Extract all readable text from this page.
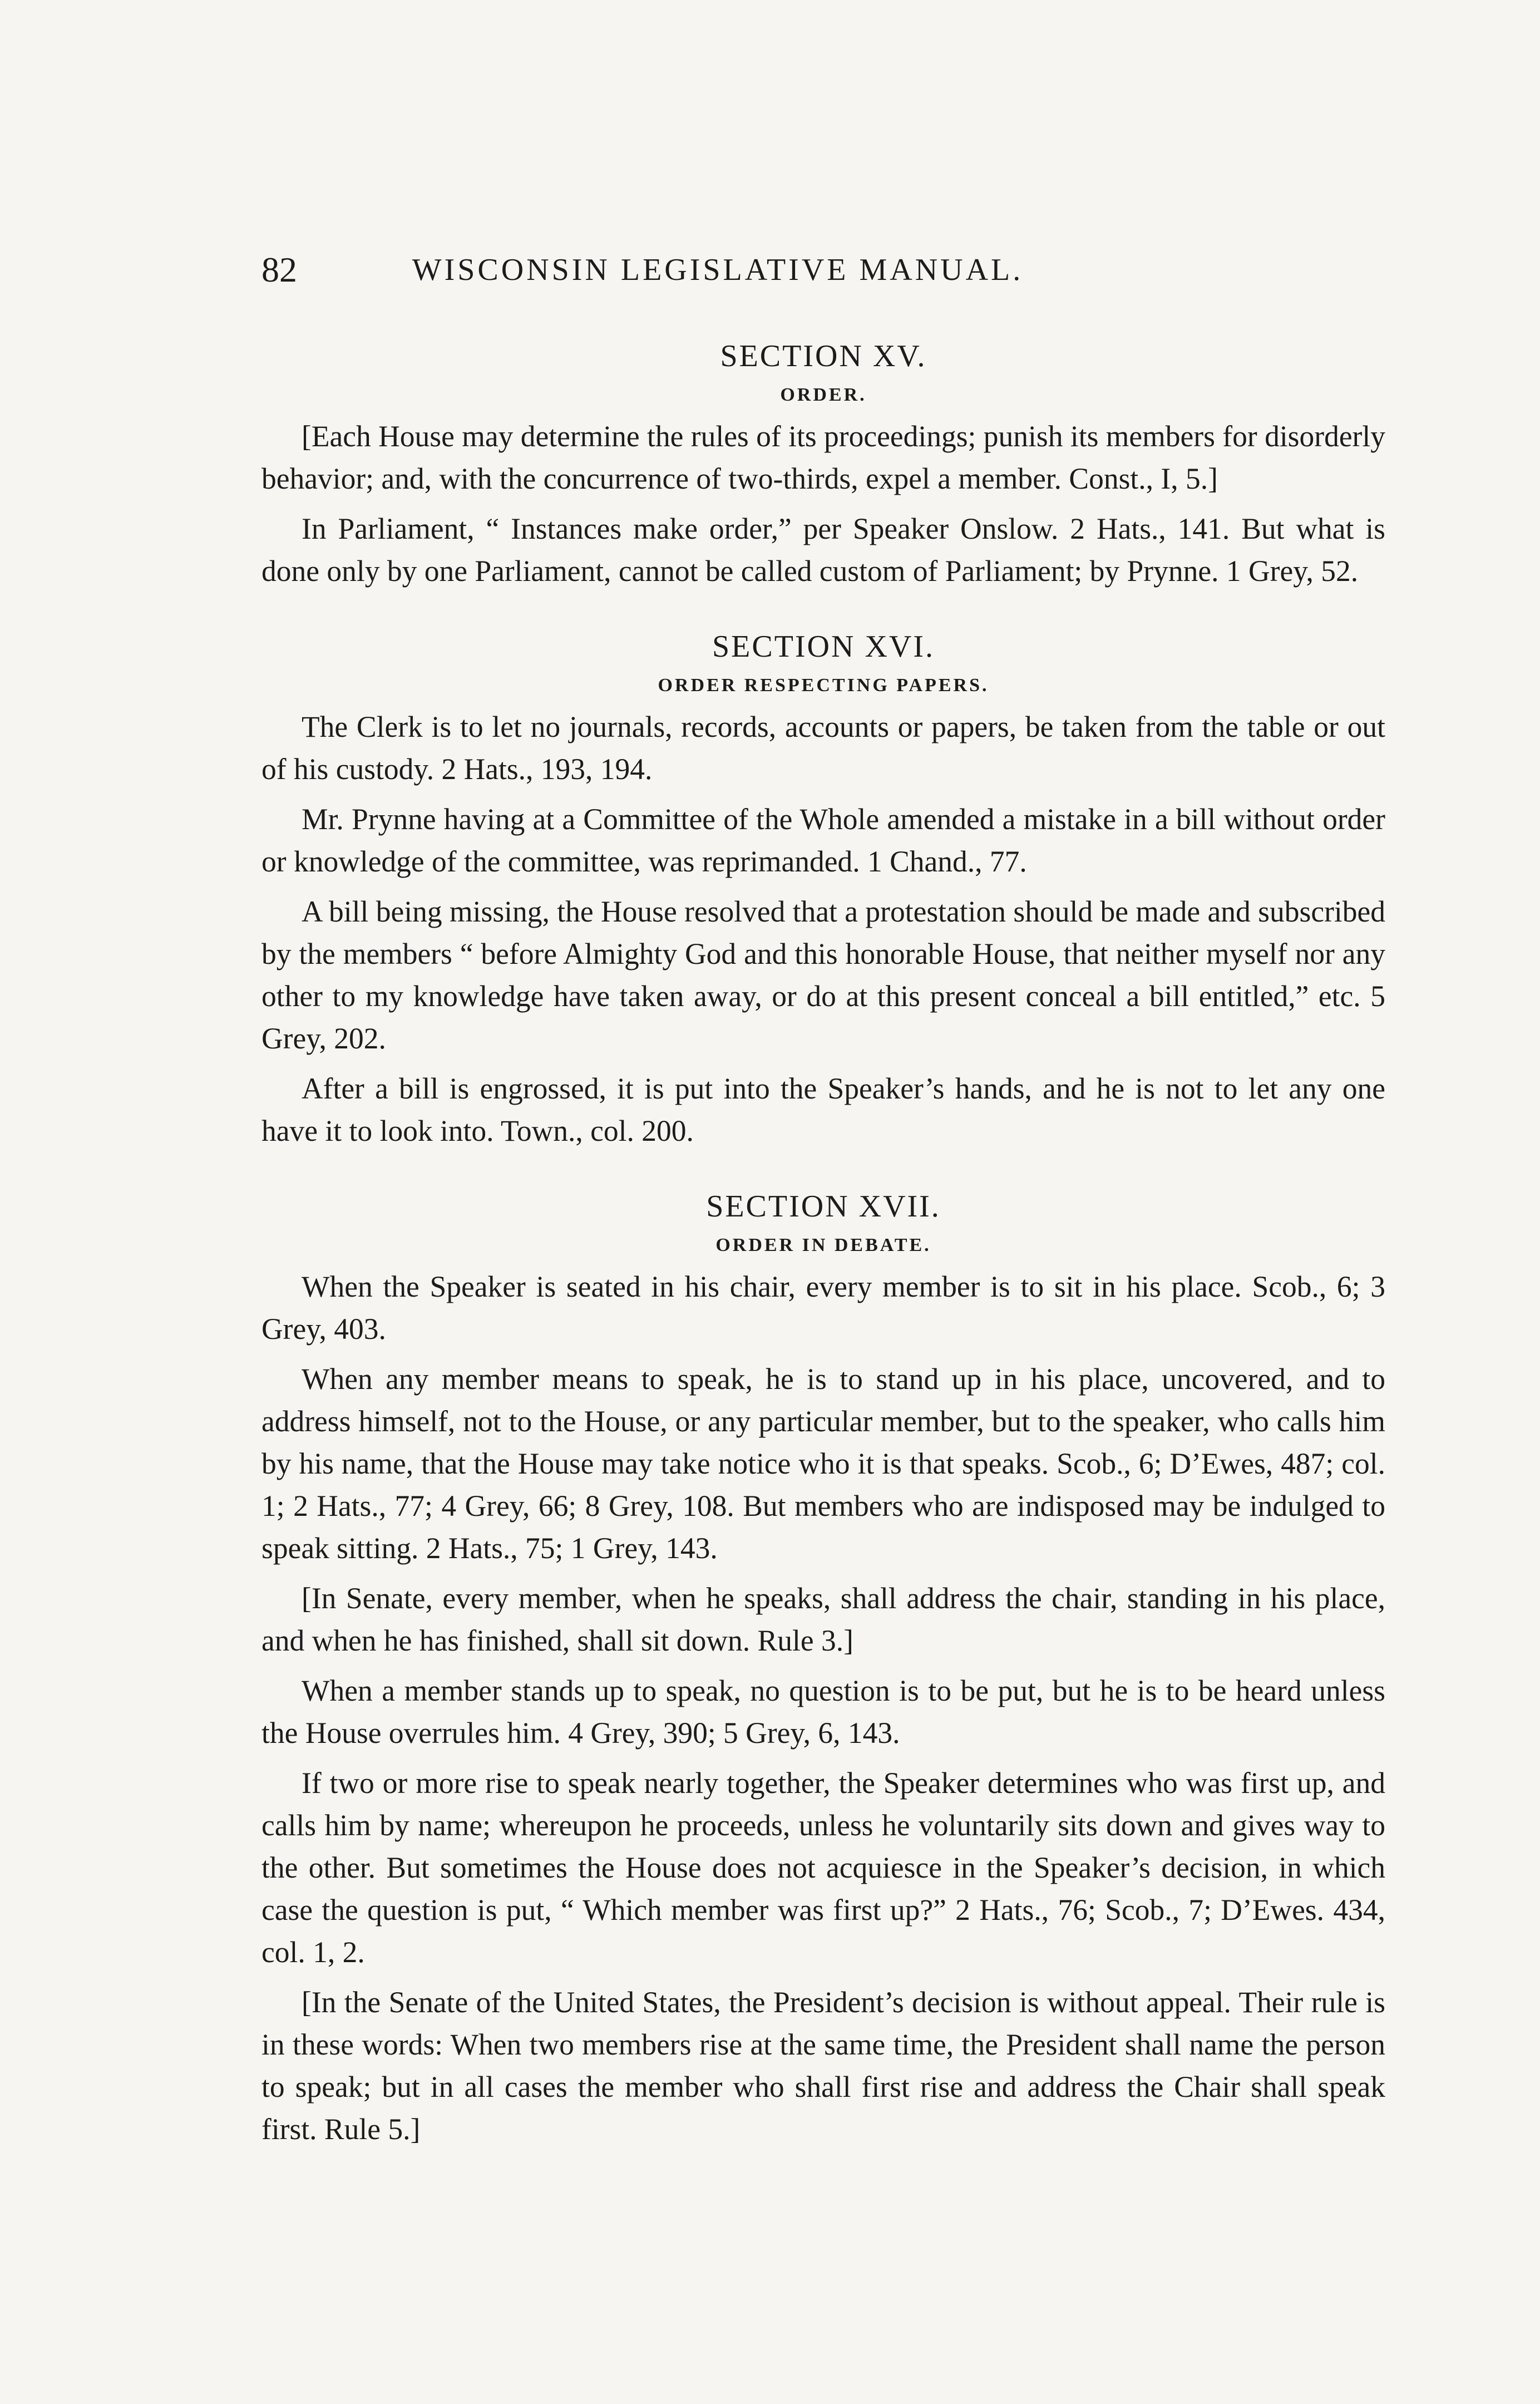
82	WISCONSIN LEGISLATIVE MANUAL.

SECTION XV.

ORDER.

[Each House may determine the rules of its proceedings; punish its members for disorderly behavior; and, with the concurrence of two-thirds, expel a member. Const., I, 5.]

In Parliament, “ Instances make order,” per Speaker Onslow. 2 Hats., 141. But what is done only by one Parliament, cannot be called custom of Parliament; by Prynne. 1 Grey, 52.

SECTION XVI.

ORDER RESPECTING PAPERS.

The Clerk is to let no journals, records, accounts or papers, be taken from the table or out of his custody. 2 Hats., 193, 194.

Mr. Prynne having at a Committee of the Whole amended a mistake in a bill without order or knowledge of the committee, was reprimanded. 1 Chand., 77.

A bill being missing, the House resolved that a protestation should be made and subscribed by the members “ before Almighty God and this honorable House, that neither myself nor any other to my knowledge have taken away, or do at this present conceal a bill entitled,” etc. 5 Grey, 202.

After a bill is engrossed, it is put into the Speaker’s hands, and he is not to let any one have it to look into. Town., col. 200.

SECTION XVII.

ORDER IN DEBATE.

When the Speaker is seated in his chair, every member is to sit in his place. Scob., 6; 3 Grey, 403.

When any member means to speak, he is to stand up in his place, uncovered, and to address himself, not to the House, or any particular member, but to the speaker, who calls him by his name, that the House may take notice who it is that speaks. Scob., 6; D’Ewes, 487; col. 1; 2 Hats., 77; 4 Grey, 66; 8 Grey, 108. But members who are indisposed may be indulged to speak sitting. 2 Hats., 75; 1 Grey, 143.

[In Senate, every member, when he speaks, shall address the chair, standing in his place, and when he has finished, shall sit down. Rule 3.]

When a member stands up to speak, no question is to be put, but he is to be heard unless the House overrules him. 4 Grey, 390; 5 Grey, 6, 143.

If two or more rise to speak nearly together, the Speaker determines who was first up, and calls him by name; whereupon he proceeds, unless he voluntarily sits down and gives way to the other. But sometimes the House does not acquiesce in the Speaker’s decision, in which case the question is put, “ Which member was first up?” 2 Hats., 76; Scob., 7; D’Ewes. 434, col. 1, 2.

[In the Senate of the United States, the President’s decision is without appeal. Their rule is in these words: When two members rise at the same time, the President shall name the person to speak; but in all cases the member who shall first rise and address the Chair shall speak first. Rule 5.]
